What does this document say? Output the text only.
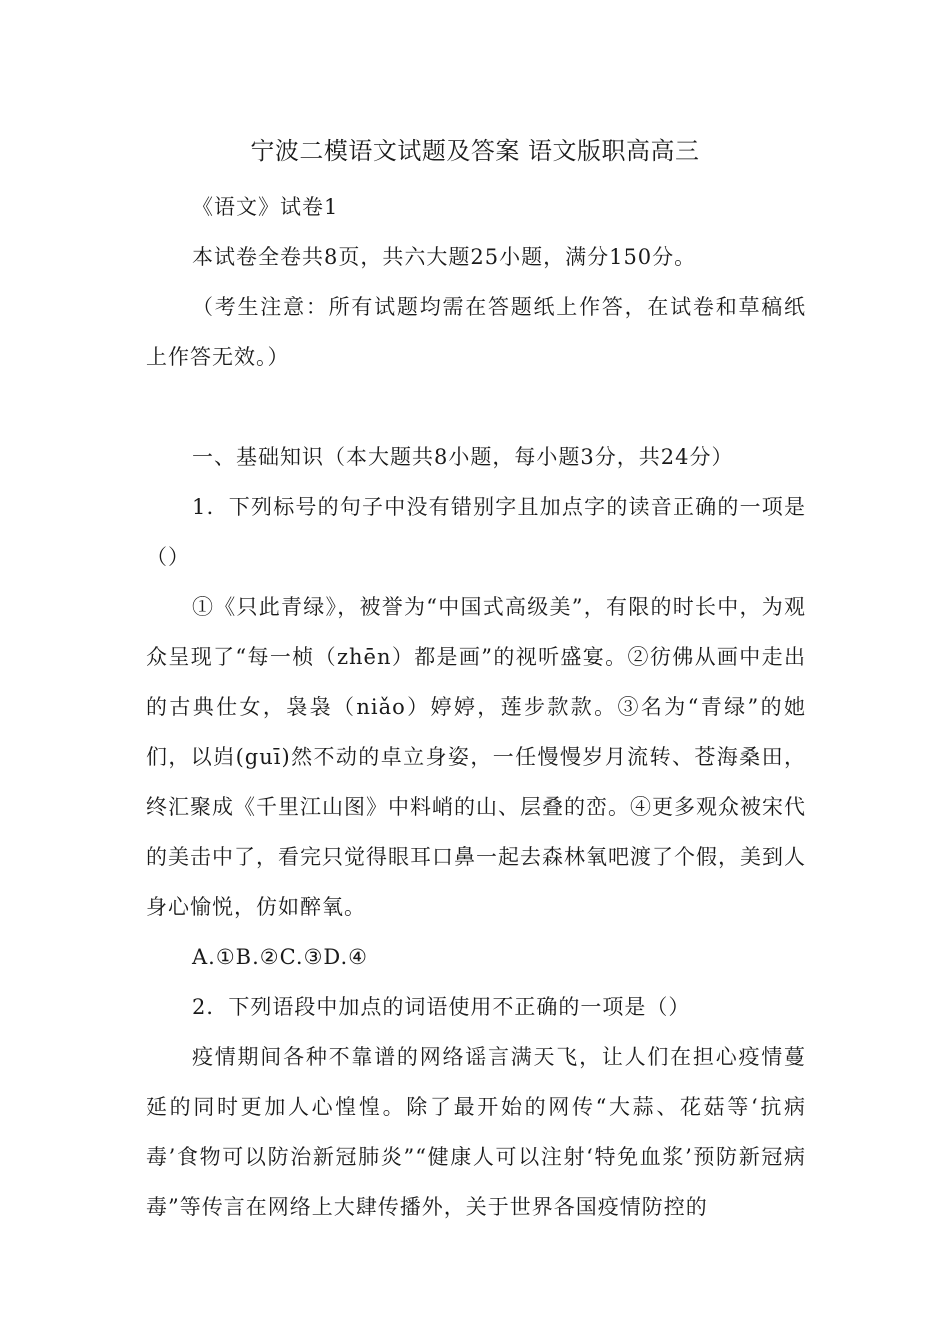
宁波二模语文试题及答案 语文版职高高三

《语文》试卷1

本试卷全卷共8页，共六大题25小题，满分150分。

（考生注意：所有试题均需在答题纸上作答，在试卷和草稿纸上作答无效。）

一、基础知识（本大题共8小题，每小题3分，共24分）

1．下列标号的句子中没有错别字且加点字的读音正确的一项是（）

①《只此青绿》，被誉为“中国式高级美”，有限的时长中，为观众呈现了“每一桢（zhēn）都是画”的视听盛宴。②彷佛从画中走出的古典仕女，袅袅（niǎo）婷婷，莲步款款。③名为“青绿”的她们，以岿(guī)然不动的卓立身姿，一任慢慢岁月流转、苍海桑田，终汇聚成《千里江山图》中料峭的山、层叠的峦。④更多观众被宋代的美击中了，看完只觉得眼耳口鼻一起去森林氧吧渡了个假，美到人身心愉悦，仿如醉氧。

A.①B.②C.③D.④

2．下列语段中加点的词语使用不正确的一项是（）

疫情期间各种不靠谱的网络谣言满天飞，让人们在担心疫情蔓延的同时更加人心惶惶。除了最开始的网传“大蒜、花菇等‘抗病毒’食物可以防治新冠肺炎”“健康人可以注射‘特免血浆’预防新冠病毒”等传言在网络上大肆传播外，关于世界各国疫情防控的
